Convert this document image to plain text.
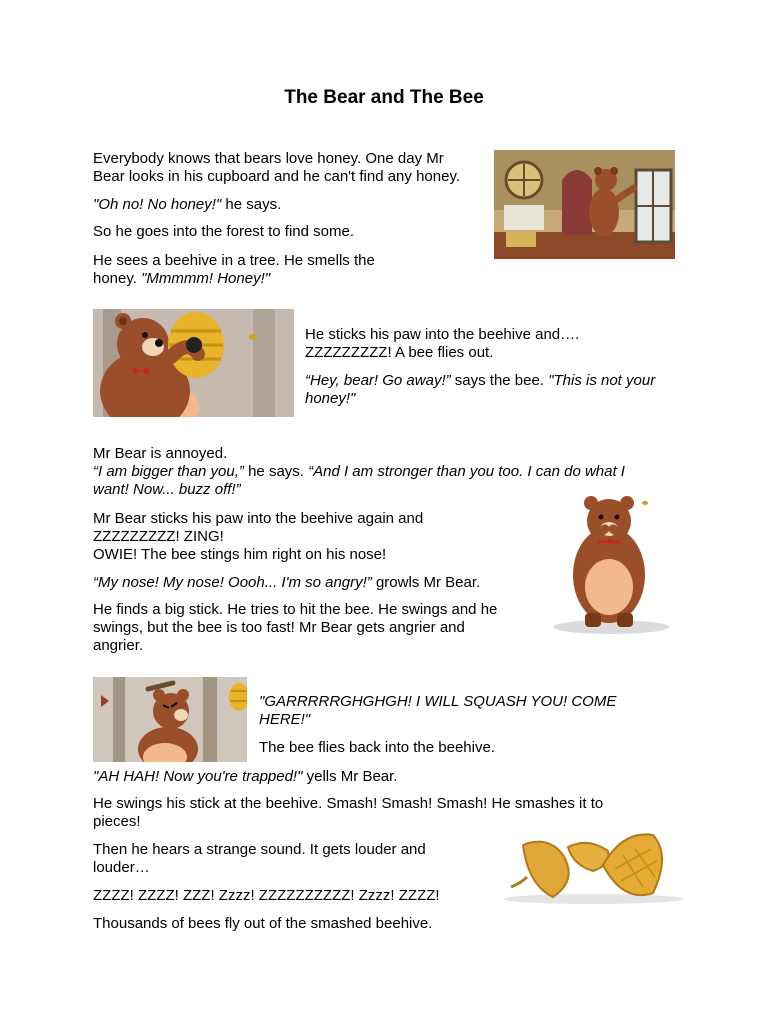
The Bear and The Bee

Everybody knows that bears love honey. One day Mr Bear looks in his cupboard and he can't find any honey.

"Oh no! No honey!" he says.

So he goes into the forest to find some.

He sees a beehive in a tree. He smells the honey. "Mmmmm! Honey!"

He sticks his paw into the beehive and….
ZZZZZZZZZ! A bee flies out.

“Hey, bear! Go away!” says the bee. "This is not your honey!"

Mr Bear is annoyed.
“I am bigger than you,” he says. “And I am stronger than you too. I can do what I want! Now... buzz off!”

Mr Bear sticks his paw into the beehive again and
ZZZZZZZZZ! ZING!
OWIE! The bee stings him right on his nose!

“My nose! My nose! Oooh... I'm so angry!” growls Mr Bear.

He finds a big stick. He tries to hit the bee. He swings and he swings, but the bee is too fast! Mr Bear gets angrier and angrier.

"GARRRRRGHGHGH! I WILL SQUASH YOU! COME HERE!"

The bee flies back into the beehive.

"AH HAH! Now you're trapped!" yells Mr Bear.

He swings his stick at the beehive. Smash! Smash! Smash! He smashes it to pieces!

Then he hears a strange sound. It gets louder and louder…

ZZZZ! ZZZZ! ZZZ! Zzzz! ZZZZZZZZZZ! Zzzz! ZZZZ!

Thousands of bees fly out of the smashed beehive.
